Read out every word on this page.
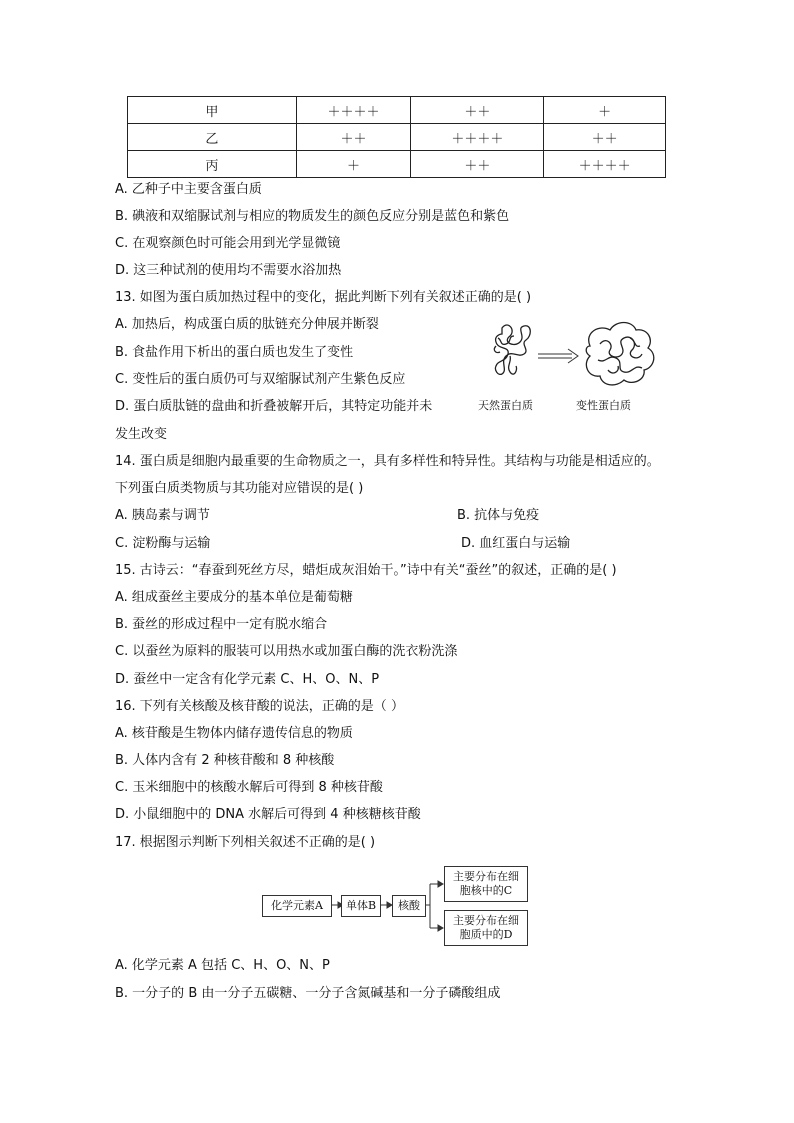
甲	＋＋＋＋	＋＋	＋
乙	＋＋	＋＋＋＋	＋＋
丙	＋	＋＋	＋＋＋＋
A. 乙种子中主要含蛋白质
B. 碘液和双缩脲试剂与相应的物质发生的颜色反应分别是蓝色和紫色
C. 在观察颜色时可能会用到光学显微镜
D. 这三种试剂的使用均不需要水浴加热
13. 如图为蛋白质加热过程中的变化，据此判断下列有关叙述正确的是( )
A. 加热后，构成蛋白质的肽链充分伸展并断裂
B. 食盐作用下析出的蛋白质也发生了变性
C. 变性后的蛋白质仍可与双缩脲试剂产生紫色反应
D. 蛋白质肽链的盘曲和折叠被解开后，其特定功能并未
发生改变
天然蛋白质	变性蛋白质
14. 蛋白质是细胞内最重要的生命物质之一，具有多样性和特异性。其结构与功能是相适应的。
下列蛋白质类物质与其功能对应错误的是( )
A. 胰岛素与调节	B. 抗体与免疫
C. 淀粉酶与运输	D. 血红蛋白与运输
15. 古诗云：“春蚕到死丝方尽，蜡炬成灰泪始干。”诗中有关“蚕丝”的叙述，正确的是( )
A. 组成蚕丝主要成分的基本单位是葡萄糖
B. 蚕丝的形成过程中一定有脱水缩合
C. 以蚕丝为原料的服装可以用热水或加蛋白酶的洗衣粉洗涤
D. 蚕丝中一定含有化学元素 C、H、O、N、P
16. 下列有关核酸及核苷酸的说法，正确的是（ ）
A. 核苷酸是生物体内储存遗传信息的物质
B. 人体内含有 2 种核苷酸和 8 种核酸
C. 玉米细胞中的核酸水解后可得到 8 种核苷酸
D. 小鼠细胞中的 DNA 水解后可得到 4 种核糖核苷酸
17. 根据图示判断下列相关叙述不正确的是( )
化学元素A	单体B	核酸
主要分布在细胞核中的C
主要分布在细胞质中的D
A. 化学元素 A 包括 C、H、O、N、P
B. 一分子的 B 由一分子五碳糖、一分子含氮碱基和一分子磷酸组成
